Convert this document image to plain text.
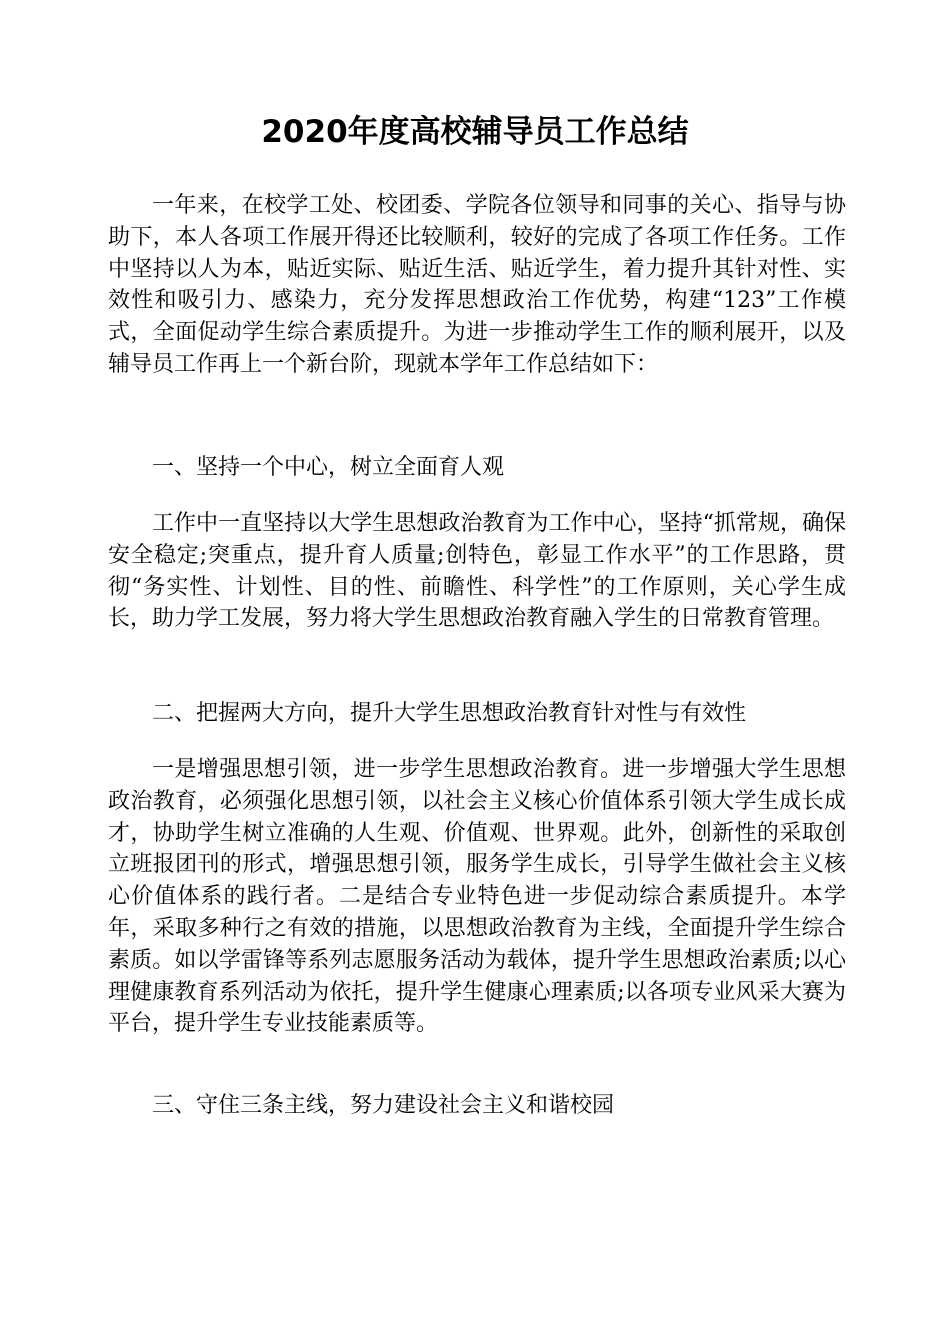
2020年度高校辅导员工作总结

一年来，在校学工处、校团委、学院各位领导和同事的关心、指导与协助下，本人各项工作展开得还比较顺利，较好的完成了各项工作任务。工作中坚持以人为本，贴近实际、贴近生活、贴近学生，着力提升其针对性、实效性和吸引力、感染力，充分发挥思想政治工作优势，构建“123”工作模式，全面促动学生综合素质提升。为进一步推动学生工作的顺利展开，以及辅导员工作再上一个新台阶，现就本学年工作总结如下：

一、坚持一个中心，树立全面育人观

工作中一直坚持以大学生思想政治教育为工作中心，坚持“抓常规，确保安全稳定;突重点，提升育人质量;创特色，彰显工作水平”的工作思路，贯彻“务实性、计划性、目的性、前瞻性、科学性”的工作原则，关心学生成长，助力学工发展，努力将大学生思想政治教育融入学生的日常教育管理。

二、把握两大方向，提升大学生思想政治教育针对性与有效性

一是增强思想引领，进一步学生思想政治教育。进一步增强大学生思想政治教育，必须强化思想引领，以社会主义核心价值体系引领大学生成长成才，协助学生树立准确的人生观、价值观、世界观。此外，创新性的采取创立班报团刊的形式，增强思想引领，服务学生成长，引导学生做社会主义核心价值体系的践行者。二是结合专业特色进一步促动综合素质提升。本学年，采取多种行之有效的措施，以思想政治教育为主线，全面提升学生综合素质。如以学雷锋等系列志愿服务活动为载体，提升学生思想政治素质;以心理健康教育系列活动为依托，提升学生健康心理素质;以各项专业风采大赛为平台，提升学生专业技能素质等。

三、守住三条主线，努力建设社会主义和谐校园
